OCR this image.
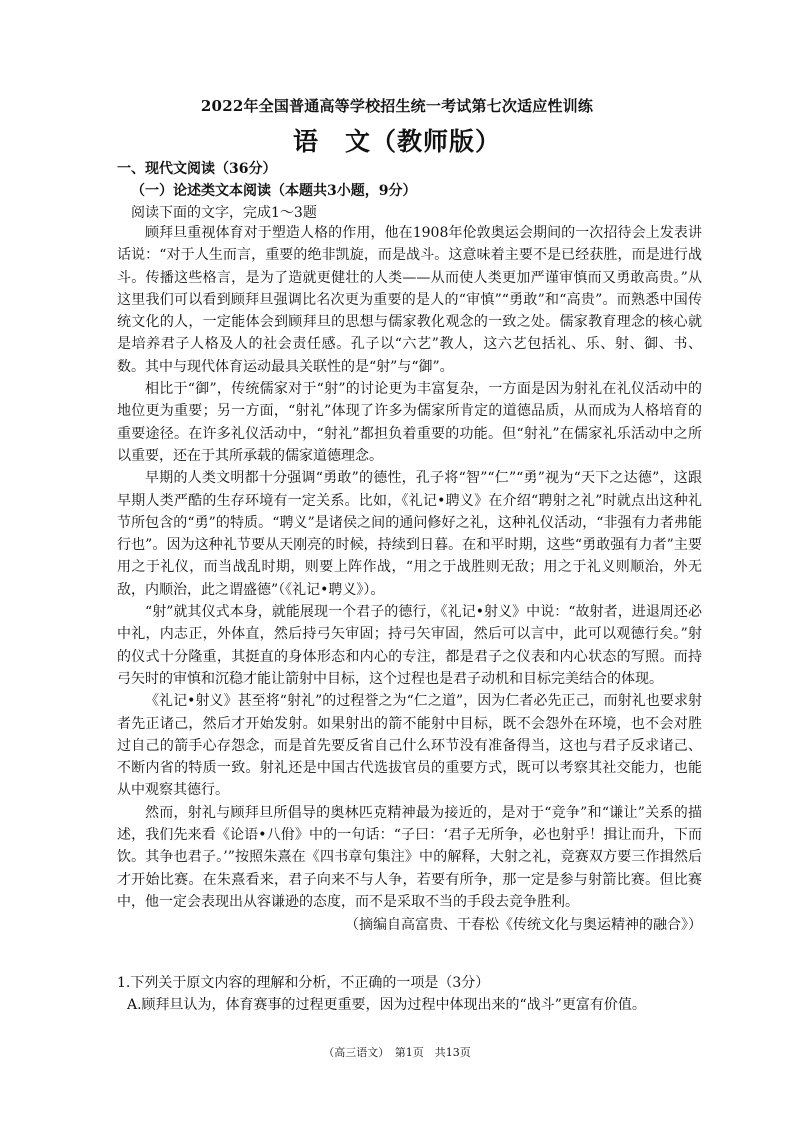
2022年全国普通高等学校招生统一考试第七次适应性训练
语　文（教师版）
一、现代文阅读（36分）
（一）论述类文本阅读（本题共3小题，9分）
阅读下面的文字，完成1～3题

顾拜旦重视体育对于塑造人格的作用，他在1908年伦敦奥运会期间的一次招待会上发表讲话说：“对于人生而言，重要的绝非凯旋，而是战斗。这意味着主要不是已经获胜，而是进行战斗。传播这些格言，是为了造就更健壮的人类——从而使人类更加严谨审慎而又勇敢高贵。”从这里我们可以看到顾拜旦强调比名次更为重要的是人的“审慎”“勇敢”和“高贵”。而熟悉中国传统文化的人，一定能体会到顾拜旦的思想与儒家教化观念的一致之处。儒家教育理念的核心就是培养君子人格及人的社会责任感。孔子以“六艺”教人，这六艺包括礼、乐、射、御、书、数。其中与现代体育运动最具关联性的是“射”与“御”。

相比于“御”，传统儒家对于“射”的讨论更为丰富复杂，一方面是因为射礼在礼仪活动中的地位更为重要；另一方面，“射礼”体现了许多为儒家所肯定的道德品质，从而成为人格培育的重要途径。在许多礼仪活动中，“射礼”都担负着重要的功能。但“射礼”在儒家礼乐活动中之所以重要，还在于其所承载的儒家道德理念。

早期的人类文明都十分强调“勇敢”的德性，孔子将“智”“仁”“勇”视为“天下之达德”，这跟早期人类严酷的生存环境有一定关系。比如，《礼记•聘义》在介绍“聘射之礼”时就点出这种礼节所包含的“勇”的特质。“聘义”是诸侯之间的通问修好之礼，这种礼仪活动，“非强有力者弗能行也”。因为这种礼节要从天刚亮的时候，持续到日暮。在和平时期，这些“勇敢强有力者”主要用之于礼仪，而当战乱时期，则要上阵作战，“用之于战胜则无敌；用之于礼义则顺治，外无敌，内顺治，此之谓盛德”（《礼记•聘义》）。

“射”就其仪式本身，就能展现一个君子的德行，《礼记•射义》中说：“故射者，进退周还必中礼，内志正，外体直，然后持弓矢审固；持弓矢审固，然后可以言中，此可以观德行矣。”射的仪式十分隆重，其挺直的身体形态和内心的专注，都是君子之仪表和内心状态的写照。而持弓矢时的审慎和沉稳才能让箭射中目标，这个过程也是君子动机和目标完美结合的体现。

《礼记•射义》甚至将“射礼”的过程誉之为“仁之道”，因为仁者必先正己，而射礼也要求射者先正诸己，然后才开始发射。如果射出的箭不能射中目标，既不会怨外在环境，也不会对胜过自己的箭手心存怨念，而是首先要反省自己什么环节没有准备得当，这也与君子反求诸己、不断内省的特质一致。射礼还是中国古代选拔官员的重要方式，既可以考察其社交能力，也能从中观察其德行。

然而，射礼与顾拜旦所倡导的奥林匹克精神最为接近的，是对于“竞争”和“谦让”关系的描述，我们先来看《论语•八佾》中的一句话：“子曰：‘君子无所争，必也射乎！揖让而升，下而饮。其争也君子。’”按照朱熹在《四书章句集注》中的解释，大射之礼，竞赛双方要三作揖然后才开始比赛。在朱熹看来，君子向来不与人争，若要有所争，那一定是参与射箭比赛。但比赛中，他一定会表现出从容谦逊的态度，而不是采取不当的手段去竞争胜利。

（摘编自高富贵、干春松《传统文化与奥运精神的融合》）

1.下列关于原文内容的理解和分析，不正确的一项是（3分）

A.顾拜旦认为，体育赛事的过程更重要，因为过程中体现出来的“战斗”更富有价值。

（高三语文）　第1页　共13页
